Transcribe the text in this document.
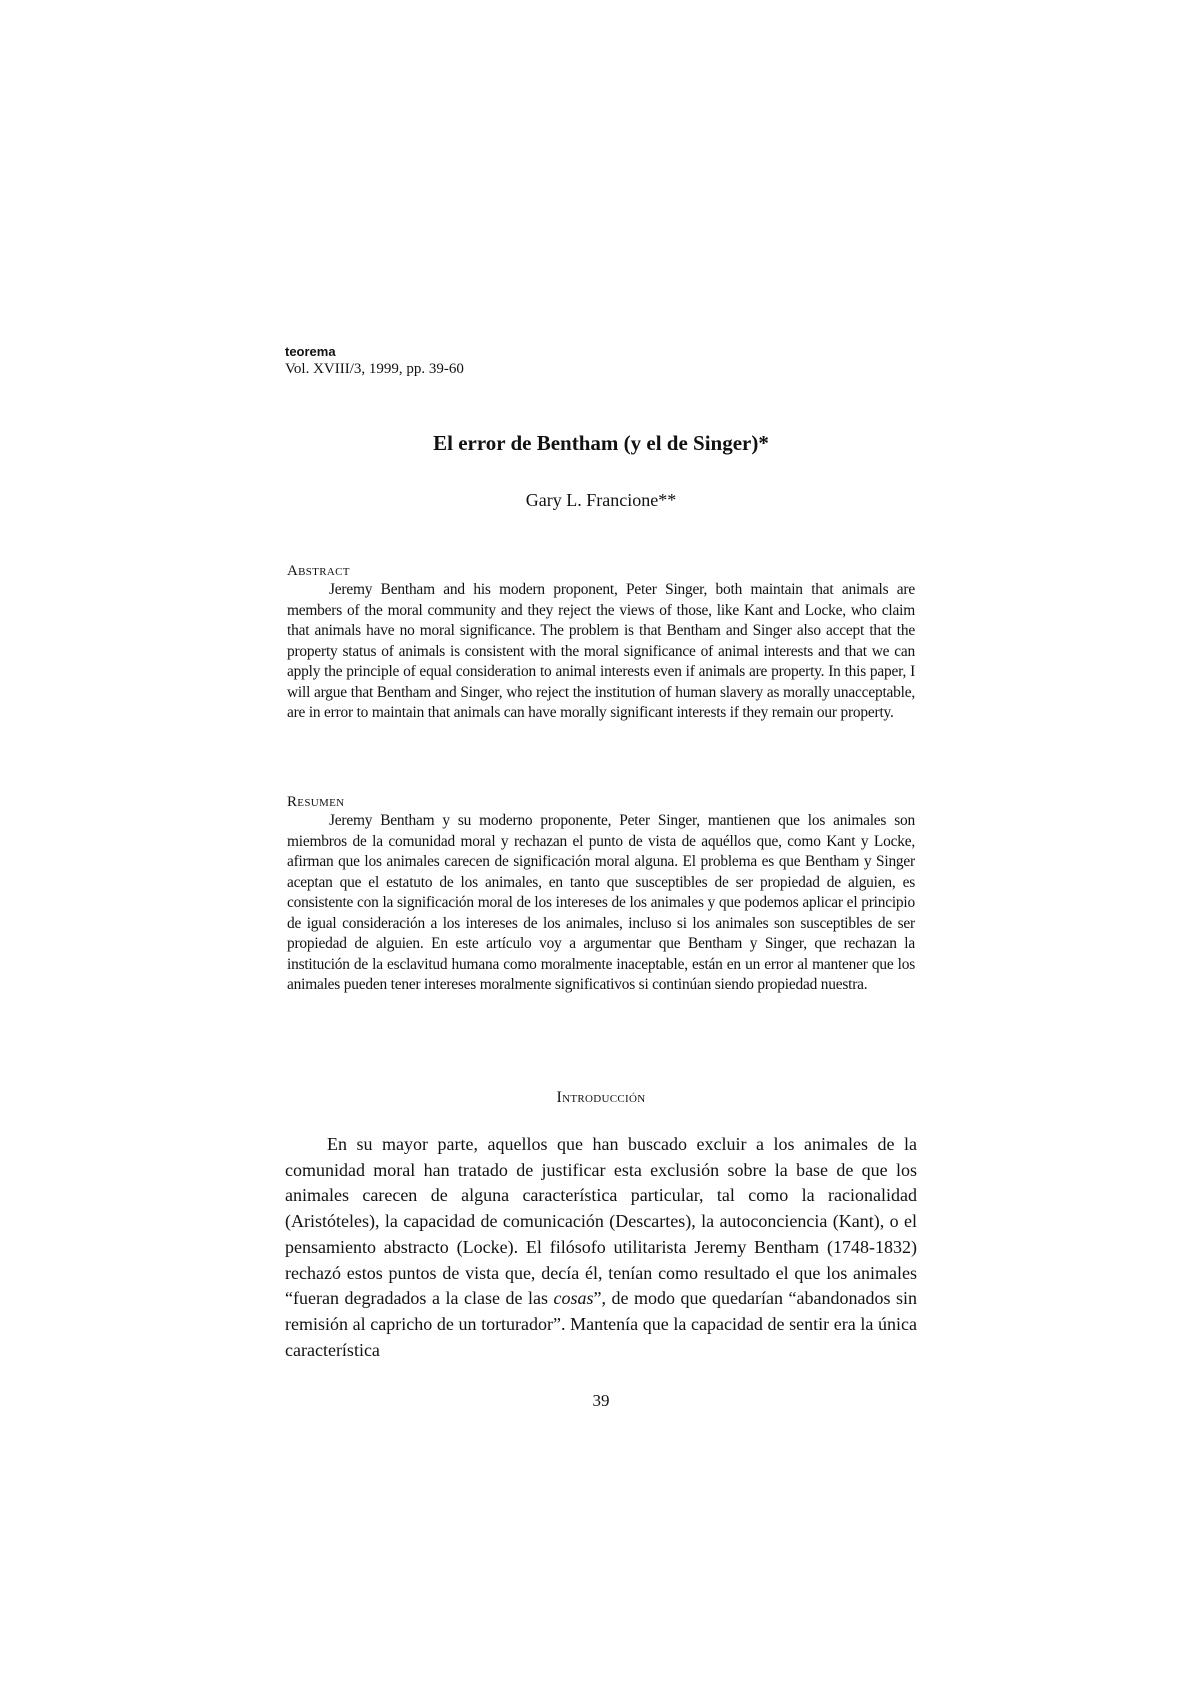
teorema
Vol. XVIII/3, 1999, pp. 39-60
El error de Bentham (y el de Singer)*
Gary L. Francione**
Abstract

Jeremy Bentham and his modern proponent, Peter Singer, both maintain that animals are members of the moral community and they reject the views of those, like Kant and Locke, who claim that animals have no moral significance. The problem is that Bentham and Singer also accept that the property status of animals is consistent with the moral significance of animal interests and that we can apply the principle of equal consideration to animal interests even if animals are property. In this paper, I will argue that Bentham and Singer, who reject the institution of human slavery as morally unacceptable, are in error to maintain that animals can have morally significant interests if they remain our property.

Resumen

Jeremy Bentham y su moderno proponente, Peter Singer, mantienen que los animales son miembros de la comunidad moral y rechazan el punto de vista de aquéllos que, como Kant y Locke, afirman que los animales carecen de significación moral alguna. El problema es que Bentham y Singer aceptan que el estatuto de los animales, en tanto que susceptibles de ser propiedad de alguien, es consistente con la significación moral de los intereses de los animales y que podemos aplicar el principio de igual consideración a los intereses de los animales, incluso si los animales son susceptibles de ser propiedad de alguien. En este artículo voy a argumentar que Bentham y Singer, que rechazan la institución de la esclavitud humana como moralmente inaceptable, están en un error al mantener que los animales pueden tener intereses moralmente significativos si continúan siendo propiedad nuestra.

Introducción

En su mayor parte, aquellos que han buscado excluir a los animales de la comunidad moral han tratado de justificar esta exclusión sobre la base de que los animales carecen de alguna característica particular, tal como la racionalidad (Aristóteles), la capacidad de comunicación (Descartes), la autoconciencia (Kant), o el pensamiento abstracto (Locke). El filósofo utilitarista Jeremy Bentham (1748-1832) rechazó estos puntos de vista que, decía él, tenían como resultado el que los animales “fueran degradados a la clase de las cosas”, de modo que quedarían “abandonados sin remisión al capricho de un torturador”. Mantenía que la capacidad de sentir era la única característica

39
